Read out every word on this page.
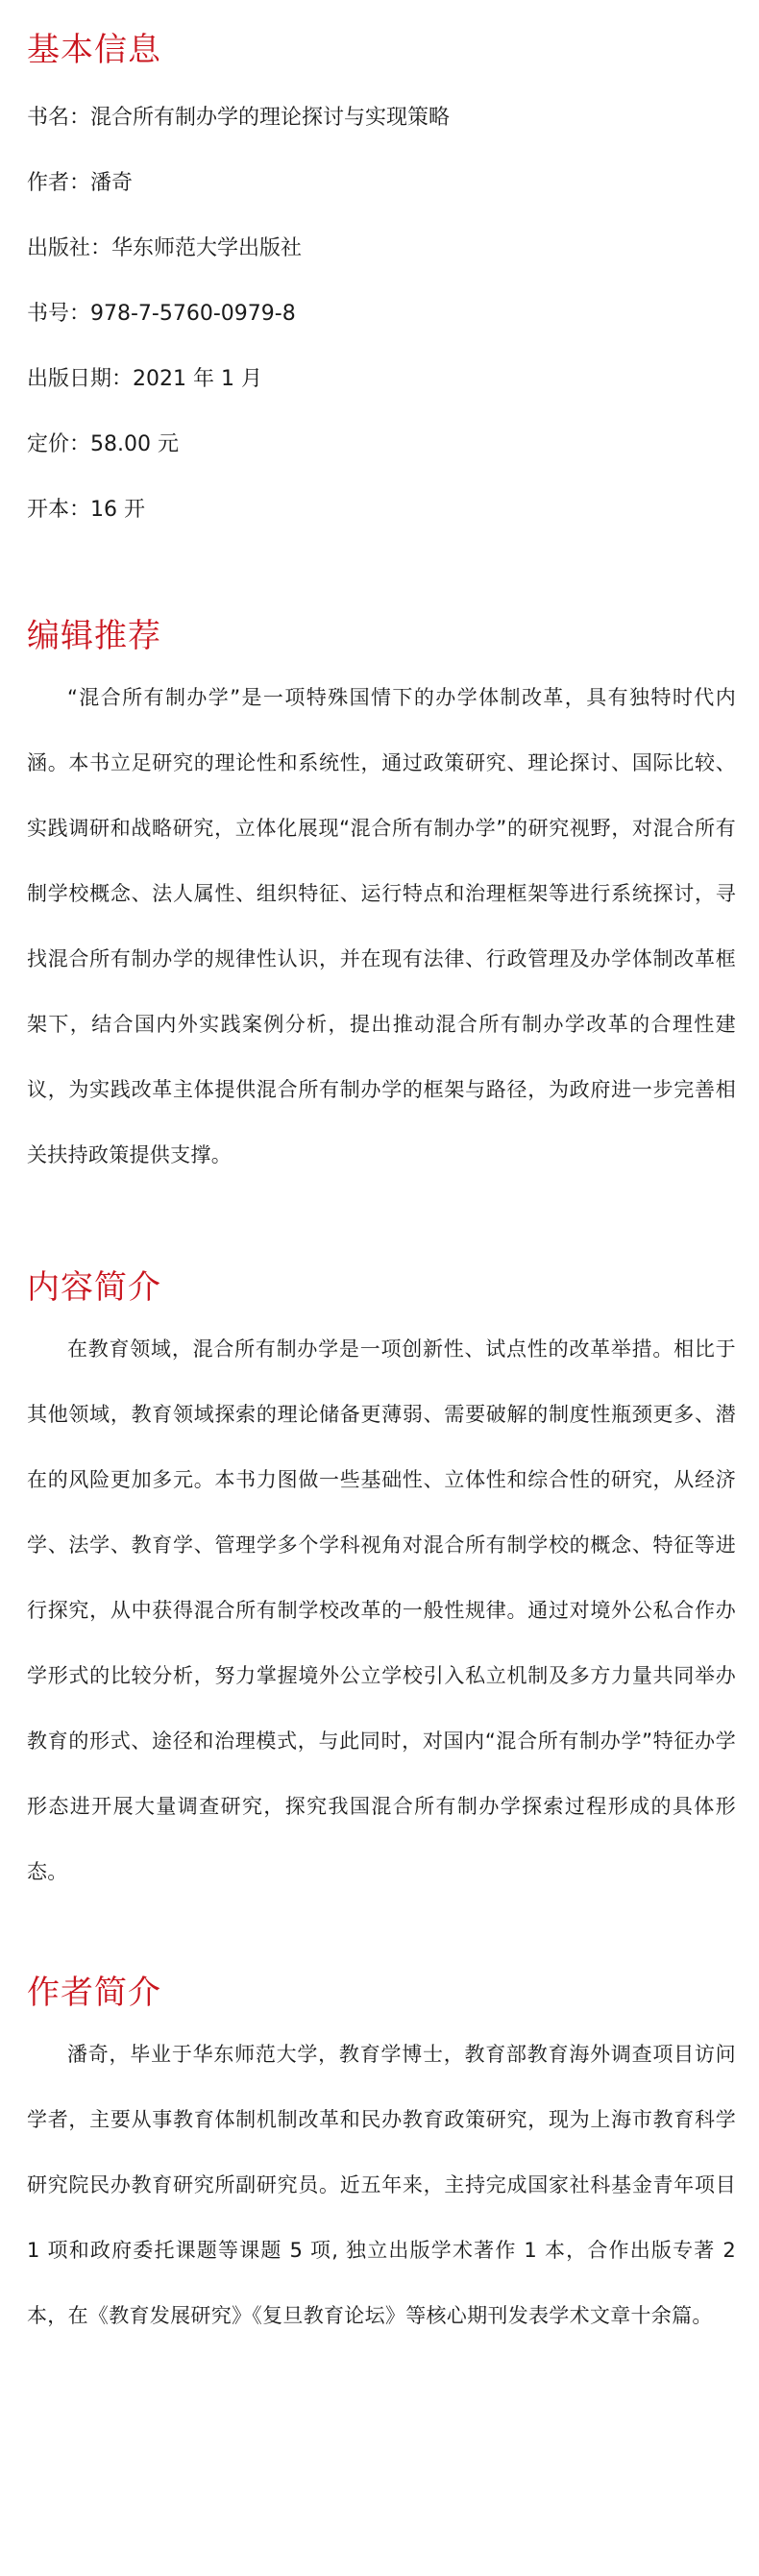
基本信息

书名：混合所有制办学的理论探讨与实现策略

作者：潘奇

出版社：华东师范大学出版社

书号：978-7-5760-0979-8

出版日期：2021 年 1 月

定价：58.00 元

开本：16 开

编辑推荐

“混合所有制办学”是一项特殊国情下的办学体制改革，具有独特时代内涵。本书立足研究的理论性和系统性，通过政策研究、理论探讨、国际比较、实践调研和战略研究，立体化展现“混合所有制办学”的研究视野，对混合所有制学校概念、法人属性、组织特征、运行特点和治理框架等进行系统探讨，寻找混合所有制办学的规律性认识，并在现有法律、行政管理及办学体制改革框架下，结合国内外实践案例分析，提出推动混合所有制办学改革的合理性建议，为实践改革主体提供混合所有制办学的框架与路径，为政府进一步完善相关扶持政策提供支撑。

内容简介

在教育领域，混合所有制办学是一项创新性、试点性的改革举措。相比于其他领域，教育领域探索的理论储备更薄弱、需要破解的制度性瓶颈更多、潜在的风险更加多元。本书力图做一些基础性、立体性和综合性的研究，从经济学、法学、教育学、管理学多个学科视角对混合所有制学校的概念、特征等进行探究，从中获得混合所有制学校改革的一般性规律。通过对境外公私合作办学形式的比较分析，努力掌握境外公立学校引入私立机制及多方力量共同举办教育的形式、途径和治理模式，与此同时，对国内“混合所有制办学”特征办学形态进开展大量调查研究，探究我国混合所有制办学探索过程形成的具体形态。

作者简介

潘奇，毕业于华东师范大学，教育学博士，教育部教育海外调查项目访问学者，主要从事教育体制机制改革和民办教育政策研究，现为上海市教育科学研究院民办教育研究所副研究员。近五年来，主持完成国家社科基金青年项目 1 项和政府委托课题等课题 5 项, 独立出版学术著作 1 本，合作出版专著 2 本，在《教育发展研究》《复旦教育论坛》等核心期刊发表学术文章十余篇。
